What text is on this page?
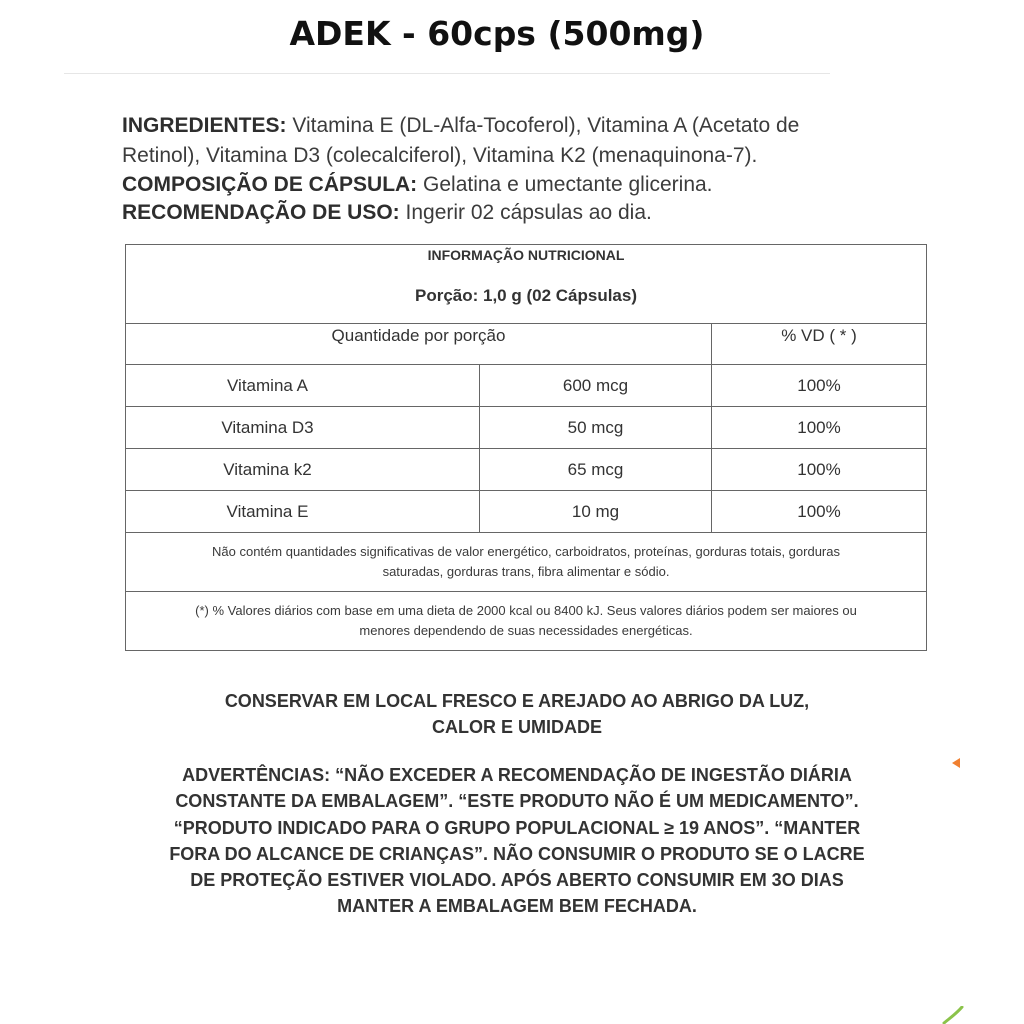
ADEK - 60cps (500mg)
INGREDIENTES: Vitamina E (DL-Alfa-Tocoferol), Vitamina A (Acetato de
Retinol), Vitamina D3 (colecalciferol), Vitamina K2 (menaquinona-7).
COMPOSIÇÃO DE CÁPSULA: Gelatina e umectante glicerina.
RECOMENDAÇÃO DE USO: Ingerir 02 cápsulas ao dia.
INFORMAÇÃO NUTRICIONAL
Porção: 1,0 g (02 Cápsulas)		

Quantidade por porção		% VD ( * )
Vitamina A	600 mcg	100%
Vitamina D3	50 mcg	100%
Vitamina k2	65 mcg	100%
Vitamina E	10 mg	100%

Não contém quantidades significativas de valor energético, carboidratos, proteínas, gorduras totais, gorduras
saturadas, gorduras trans, fibra alimentar e sódio.		

(*) % Valores diários com base em uma dieta de 2000 kcal ou 8400 kJ. Seus valores diários podem ser maiores ou
menores dependendo de suas necessidades energéticas.		
CONSERVAR EM LOCAL FRESCO E AREJADO AO ABRIGO DA LUZ,
CALOR E UMIDADE
ADVERTÊNCIAS: “NÃO EXCEDER A RECOMENDAÇÃO DE INGESTÃO DIÁRIA
CONSTANTE DA EMBALAGEM”. “ESTE PRODUTO NÃO É UM MEDICAMENTO”.
“PRODUTO INDICADO PARA O GRUPO POPULACIONAL ≥ 19 ANOS”. “MANTER
FORA DO ALCANCE DE CRIANÇAS”. NÃO CONSUMIR O PRODUTO SE O LACRE
DE PROTEÇÃO ESTIVER VIOLADO. APÓS ABERTO CONSUMIR EM 3O DIAS
MANTER A EMBALAGEM BEM FECHADA.
